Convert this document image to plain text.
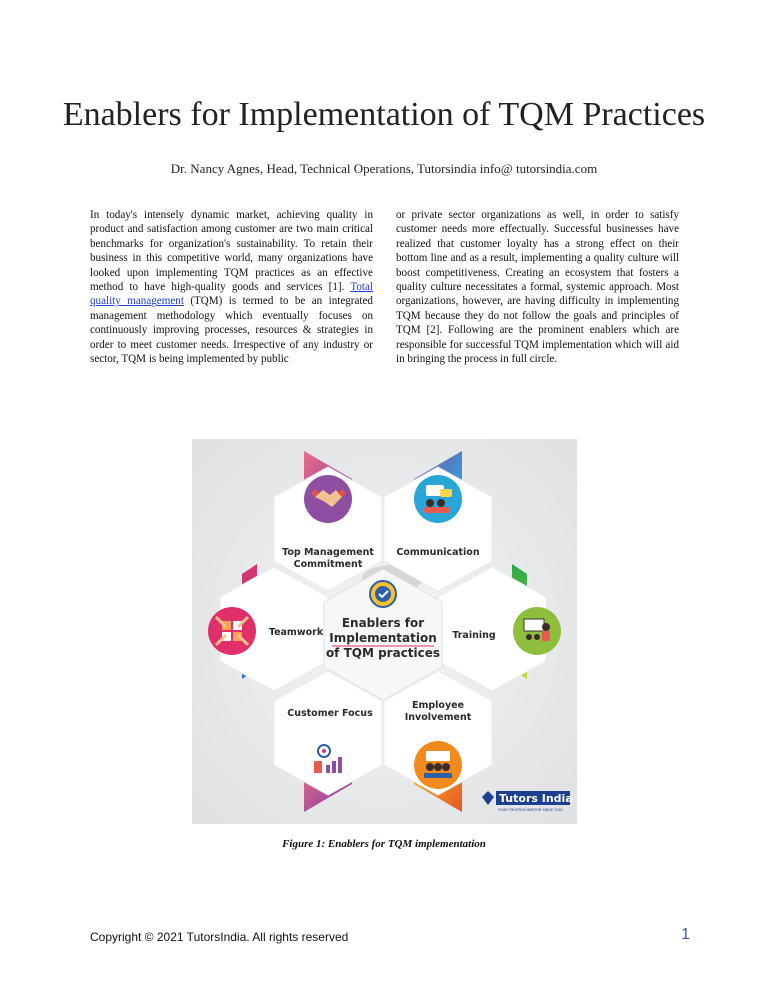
Enablers for Implementation of TQM Practices
Dr. Nancy Agnes, Head, Technical Operations, Tutorsindia info@ tutorsindia.com
In today's intensely dynamic market, achieving quality in product and satisfaction among customer are two main critical benchmarks for organization's sustainability. To retain their business in this competitive world, many organizations have looked upon implementing TQM practices as an effective method to have high-quality goods and services [1]. Total quality management (TQM) is termed to be an integrated management methodology which eventually focuses on continuously improving processes, resources & strategies in order to meet customer needs. Irrespective of any industry or sector, TQM is being implemented by public
or private sector organizations as well, in order to satisfy customer needs more effectually. Successful businesses have realized that customer loyalty has a strong effect on their bottom line and as a result, implementing a quality culture will boost competitiveness. Creating an ecosystem that fosters a quality culture necessitates a formal, systemic approach. Most organizations, however, are having difficulty in implementing TQM because they do not follow the goals and principles of TQM [2]. Following are the prominent enablers which are responsible for successful TQM implementation which will aid in bringing the process in full circle.
Enablers for
Implementation
of TQM practices
Top Management
Commitment
Communication
Training
Employee
Involvement
Customer Focus
Teamwork
Tutors India
YOUR TRUSTED MENTOR SINCE 2001
Figure 1: Enablers for TQM implementation
Copyright © 2021 TutorsIndia. All rights reserved	1
